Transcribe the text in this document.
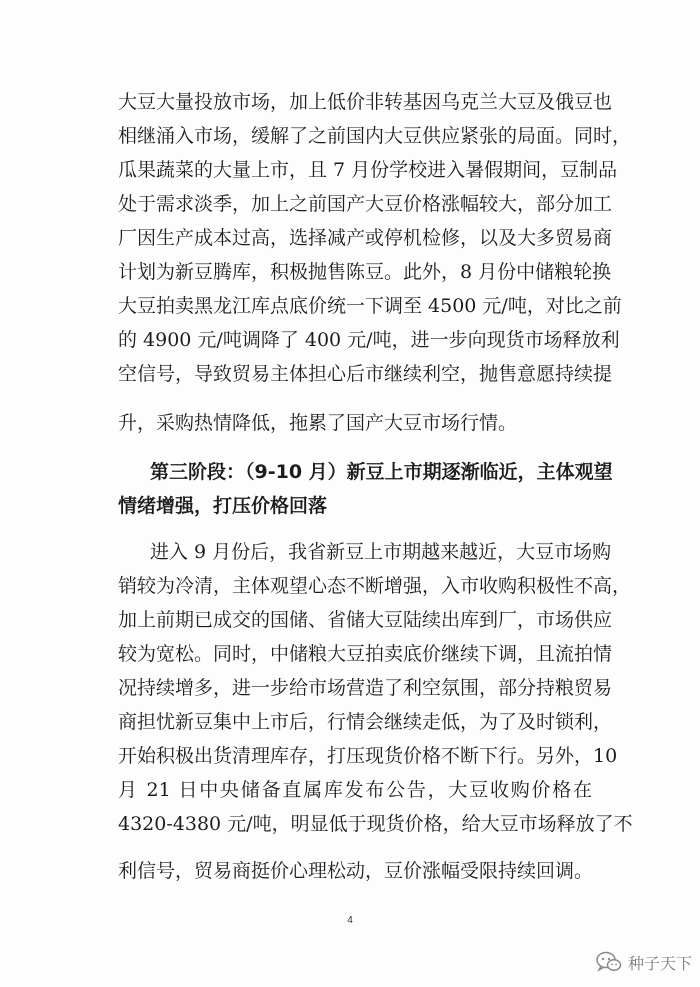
大豆大量投放市场，加上低价非转基因乌克兰大豆及俄豆也
相继涌入市场，缓解了之前国内大豆供应紧张的局面。同时，
瓜果蔬菜的大量上市，且 7 月份学校进入暑假期间，豆制品
处于需求淡季，加上之前国产大豆价格涨幅较大，部分加工
厂因生产成本过高，选择减产或停机检修，以及大多贸易商
计划为新豆腾库，积极抛售陈豆。此外，8 月份中储粮轮换
大豆拍卖黑龙江库点底价统一下调至 4500 元/吨，对比之前
的 4900 元/吨调降了 400 元/吨，进一步向现货市场释放利
空信号，导致贸易主体担心后市继续利空，抛售意愿持续提
升，采购热情降低，拖累了国产大豆市场行情。
第三阶段：（9-10 月）新豆上市期逐渐临近，主体观望
情绪增强，打压价格回落
进入 9 月份后，我省新豆上市期越来越近，大豆市场购
销较为冷清，主体观望心态不断增强，入市收购积极性不高，
加上前期已成交的国储、省储大豆陆续出库到厂，市场供应
较为宽松。同时，中储粮大豆拍卖底价继续下调，且流拍情
况持续增多，进一步给市场营造了利空氛围，部分持粮贸易
商担忧新豆集中上市后，行情会继续走低，为了及时锁利，
开始积极出货清理库存，打压现货价格不断下行。另外，10
月 21 日中央储备直属库发布公告，大豆收购价格在
4320-4380 元/吨，明显低于现货价格，给大豆市场释放了不
利信号，贸易商挺价心理松动，豆价涨幅受限持续回调。
4
种子天下
